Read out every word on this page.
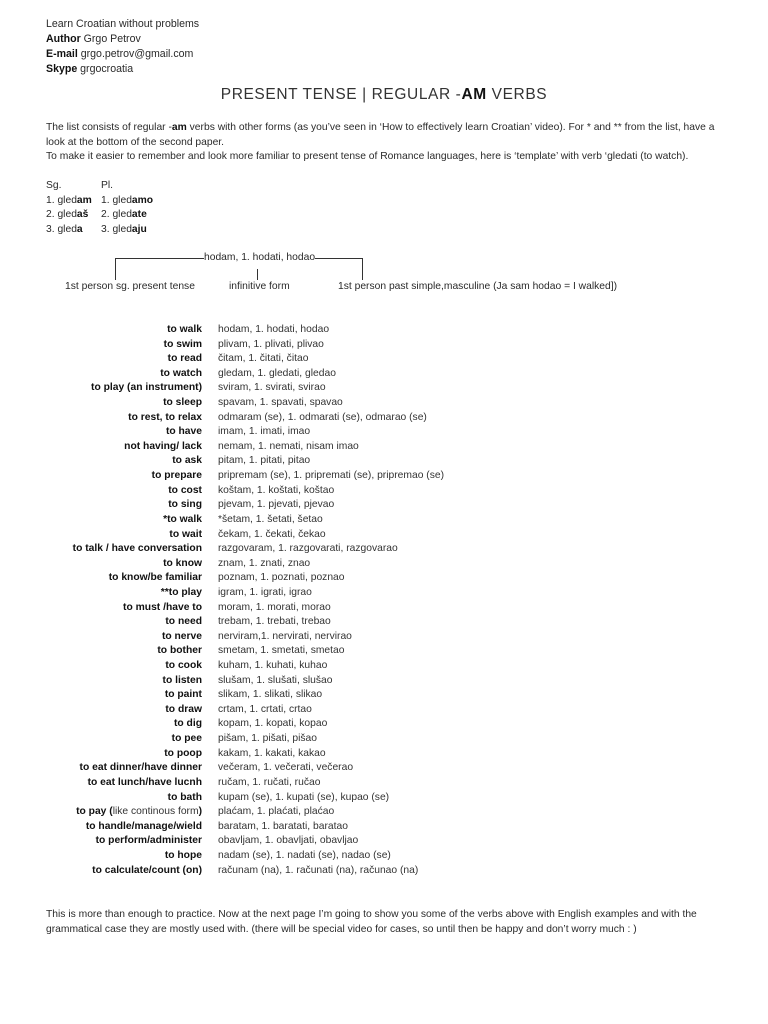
Learn Croatian without problems
Author Grgo Petrov
E-mail grgo.petrov@gmail.com
Skype grgocroatia
PRESENT TENSE | REGULAR -AM VERBS
The list consists of regular -am verbs with other forms (as you’ve seen in ‘How to effectively learn Croatian’ video). For * and ** from the list, have a look at the bottom of the second paper.
To make it easier to remember and look more familiar to present tense of Romance languages, here is ‘template’ with verb ‘gledati (to watch).
Sg.
1. gledam
2. gledaš
3. gleda
Pl.
1. gledamo
2. gledate
3. gledaju
hodam, 1. hodati, hodao
1st person sg. present tense	infinitive form	1st person past simple,masculine (Ja sam hodao = I walked])
to walk hodam, 1. hodati, hodao
to swim plivam, 1. plivati, plivao
to read čitam, 1. čitati, čitao
to watch gledam, 1. gledati, gledao
to play (an instrument) sviram, 1. svirati, svirao
to sleep spavam, 1. spavati, spavao
to rest, to relax odmaram (se), 1. odmarati (se), odmarao (se)
to have imam, 1. imati, imao
not having/ lack nemam, 1. nemati, nisam imao
to ask pitam, 1. pitati, pitao
to prepare pripremam (se), 1. pripremati (se), pripremao (se)
to cost koštam, 1. koštati, koštao
to sing pjevam, 1. pjevati, pjevao
*to walk *šetam, 1. šetati, šetao
to wait čekam, 1. čekati, čekao
to talk / have conversation razgovaram, 1. razgovarati, razgovarao
to know znam, 1. znati, znao
to know/be familiar poznam, 1. poznati, poznao
**to play igram, 1. igrati, igrao
to must /have to moram, 1. morati, morao
to need trebam, 1. trebati, trebao
to nerve nerviram,1. nervirati, nervirao
to bother smetam, 1. smetati, smetao
to cook kuham, 1. kuhati, kuhao
to listen slušam, 1. slušati, slušao
to paint slikam, 1. slikati, slikao
to draw crtam, 1. crtati, crtao
to dig kopam, 1. kopati, kopao
to pee pišam, 1. pišati, pišao
to poop kakam, 1. kakati, kakao
to eat dinner/have dinner večeram, 1. večerati, večerao
to eat lunch/have lucnh ručam, 1. ručati, ručao
to bath kupam (se), 1. kupati (se), kupao (se)
to pay (like continous form) plaćam, 1. plaćati, plaćao
to handle/manage/wield baratam, 1. baratati, baratao
to perform/administer obavljam, 1. obavljati, obavljao
to hope nadam (se), 1. nadati (se), nadao (se)
to calculate/count (on) računam (na), 1. računati (na), računao (na)
This is more than enough to practice. Now at the next page I’m going to show you some of the verbs above with English examples and with the grammatical case they are mostly used with. (there will be special video for cases, so until then be happy and don’t worry much : )
